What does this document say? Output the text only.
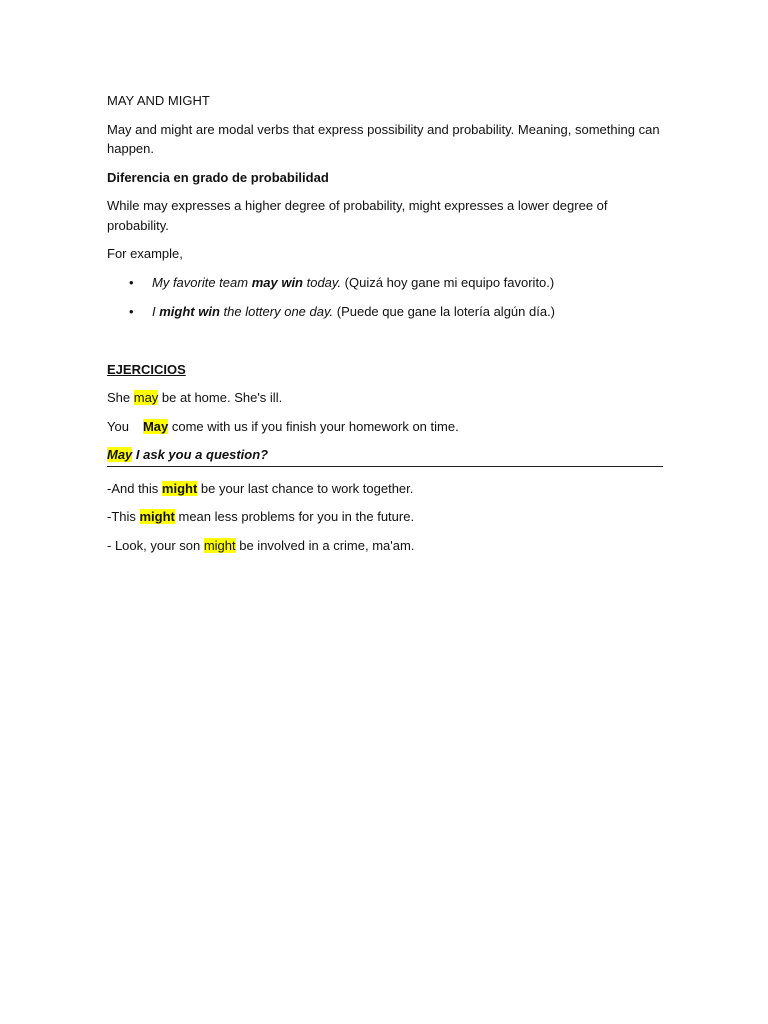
MAY AND MIGHT

May and might are modal verbs that express possibility and probability. Meaning, something can happen.

Diferencia en grado de probabilidad

While may expresses a higher degree of probability, might expresses a lower degree of probability.

For example,

• My favorite team may win today. (Quizá hoy gane mi equipo favorito.)
• I might win the lottery one day. (Puede que gane la lotería algún día.)

EJERCICIOS

She may be at home. She's ill.

You May come with us if you finish your homework on time.

May I ask you a question?

-And this might be your last chance to work together.

-This might mean less problems for you in the future.

- Look, your son might be involved in a crime, ma'am.
